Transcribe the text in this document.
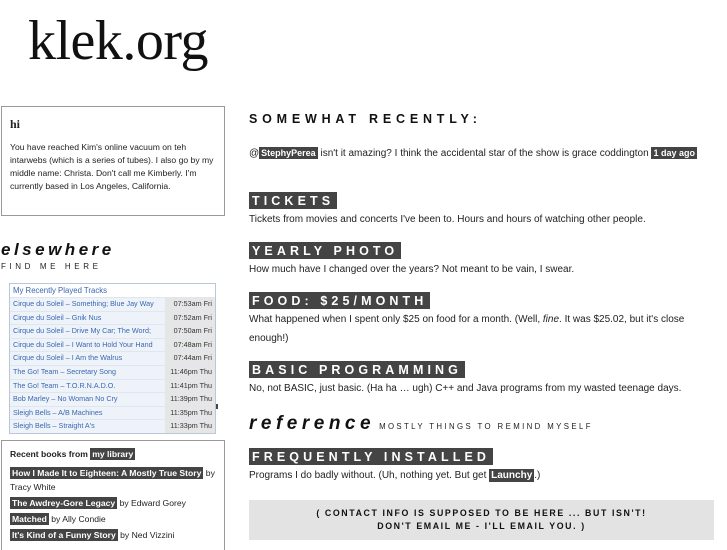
klek.org
hi
You have reached Kim's online vacuum on teh intarwebs (which is a series of tubes). I also go by my middle name: Christa. Don't call me Kimberly. I'm currently based in Los Angeles, California.
elsewhere
FIND ME HERE
My Recently Played Tracks
Cirque du Soleil – Something; Blue Jay Way	07:53am Fri
Cirque du Soleil – Gnik Nus	07:52am Fri
Cirque du Soleil – Drive My Car; The Word;	07:50am Fri
Cirque du Soleil – I Want to Hold Your Hand	07:48am Fri
Cirque du Soleil – I Am the Walrus	07:44am Fri
The Go! Team – Secretary Song	11:46pm Thu
The Go! Team – T.O.R.N.A.D.O.	11:41pm Thu
Bob Marley – No Woman No Cry	11:39pm Thu
Sleigh Bells – A/B Machines	11:35pm Thu
Sleigh Bells – Straight A's	11:33pm Thu
Recent books from my library
How I Made It to Eighteen: A Mostly True Story by Tracy White
The Awdrey-Gore Legacy by Edward Gorey
Matched by Ally Condie
It's Kind of a Funny Story by Ned Vizzini
SOMEWHAT RECENTLY:
@ StephyPerea isn't it amazing? I think the accidental star of the show is grace coddington 1 day ago
TICKETS
Tickets from movies and concerts I've been to. Hours and hours of watching other people.
YEARLY PHOTO
How much have I changed over the years? Not meant to be vain, I swear.
FOOD: $25/MONTH
What happened when I spent only $25 on food for a month. (Well, fine. It was $25.02, but it's close enough!)
BASIC PROGRAMMING
No, not BASIC, just basic. (Ha ha … ugh) C++ and Java programs from my wasted teenage days.
reference MOSTLY THINGS TO REMIND MYSELF
FREQUENTLY INSTALLED
Programs I do badly without. (Uh, nothing yet. But get Launchy .)
( CONTACT INFO IS SUPPOSED TO BE HERE ... BUT ISN'T!
DON'T EMAIL ME - I'LL EMAIL YOU. )
